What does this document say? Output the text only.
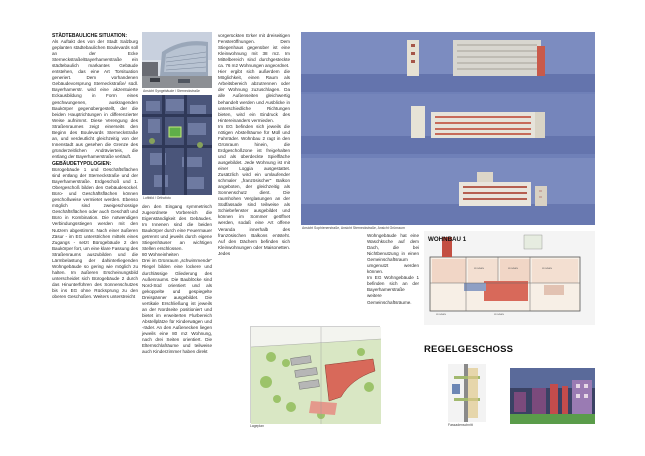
STÄDTEBAULICHE SITUATION:
Als Auftakt des von der Stadt Salzburg geplanten städtebaulichen Boulevards soll an der Ecke Sterneckstraße/Bayerhamerstraße ein städtebaulich markantes Gebäude entstehen, das eine Art Torsituation generiert. Dem vorhandenen Gebäudevorsprung Sterneckstraße/ südl. Bayerhamerstr. wird eine akzentuierte Eckausbildung in Form eines geschwungenen, auskragenden Baukörper gegenübergestellt, der die beiden Hauptrichtungen in differenzierter Weise aufnimmt. Diese Verengung des Straßenraumes zeigt einerseits den Beginn des Boulevards Sterneckstraße an, und verdeutlicht gleichzeitig von der Innenstadt aus gesehen die Grenze des gründerzeitlichen Andrävierteis, die entlang der Bayerhamerstraße verläuft.
GEBÄUDETYPOLOGIEN:
Bürogebäude 1 und Geschäftsflächen sind entlang der Sterneckstraße und der Bayerhamerstraße. Erdgeschoß und 1. Obergeschoß bilden den Gebäudesockel. Büro- und Geschäftsflächen können geschoßweise vermietet werden. Ebenso möglich sind zweigeschossige Geschäftsflächen oder auch Geschäft und Büro in Kombination. Die notwendigen Verbindungsstiegen werden mit den Nutzern abgestimmt. Nach einer äußeren Zäsur - im EG unterstrichen mittels eines Zugangs - setzt Bürogebäude 2 den Baukörper fort, um eine klare Fassung des Straßenraums auszubilden und die Lärmbelastung der dahinterliegenden Wohngebäude so gering wie möglich zu halten. Im äußeren Erscheinungsbild unterscheidet sich Bürogebäude 2 durch das Hinunterführen des Sonnenschutzes bis ins EG ohne Rücksprung zu den oberen Geschoßen. Weiters unterstreicht
Ansicht Syngebäude / Sterneckstraße
Luftbild / Orthofoto
den den Eingang symmetrisch zugeordnete Vorbereich die Eigenständigkeit des Gebäudes. Im Innenen sind die beiden Baukörper durch eine Feuermauer getrennt und jeweils durch eigene Stiegenhäuser an wichtigen Stellen erschlossen.
80 Wohneinheiten
Drei im Grünraum „schwimmende" Riegel bilden eine lockere und durchlässige Gliederung des Außenraums. Die Baublöcke sind Nord-Süd orientiert und als gekoppelte und gespiegelte Dreispänner ausgebildet. Die vertikale Erschließung ist jeweils an der Nordseite positioniert und bietet im erweiterten Flurbereich Abstellplätze für Kinderwägen und -räder. An den Außenecken liegen jeweils eine 80 m2 Wohnung, nach drei Seiten orientiert. Die Elternschlafräume und teilweise auch Kinderzimmer haben direkt
vorgerückten Erker mit dreiseitigen Fensteröffnungen. Dem Stiegenhaus gegenüber ist eine Kleinwohnung mit 38 m2. Im Mittelbereich sind durchgesteckte ca. 76 m2 Wohnungen angeordnet.
Hier ergibt sich außerdem die Möglichkeit, einen Raum als Arbeitsbereich abzutrennen oder der Wohnung zuzuschlagen. Da alle Außenseiten gleichwertig behandelt werden und Ausblicke in unterschiedliche Richtungen bieten, wird ein Eindruck des Hintereinanders vermieden.
Im EG befinden sich jeweils die nötigen Abstellräume für Müll und Fahrräder. Wohnbau 2 ragt in den Grünraum hinein, die Erdgeschoßzone ist freigehalten und als überdeckte Spielfläche ausgebildet. Jede Wohnung ist mit einer Loggia ausgestattet. Zusätzlich wird ein umlaufender schmaler „französischer" Balkon angeboten, der gleichzeitig als Sonnenschutz dient. Die raumhohen Verglasungen an der Südfassade sind teilweise als Schiebefenster ausgebildet und können im Sommer geöffnet werden, sodaß eine Art offene Veranda innerhalb des französischen Balkons entsteht. Auf den Dächern befinden sich Kleinwohnungen oder Maisonetten. Jedes
Lageplan
Ansicht Sophienerstraße, Ansicht Sterneckstraße, Ansicht Grünraum
Wohngebäude hat eine Waschküche auf dem Dach, die bei Nichtbenutzung in einen Gemeinschaftsraum umgenutzt werden können.
Im EG Wohngebäude 1 befinden sich an der Bayerhamerstraße weitere Gemeinschaftsräume.
WOHNEN	WOHNEN	WOHNEN
WOHNEN	WOHNEN
WOHNBAU 1
REGELGESCHOSS
Fassadenschnitt
